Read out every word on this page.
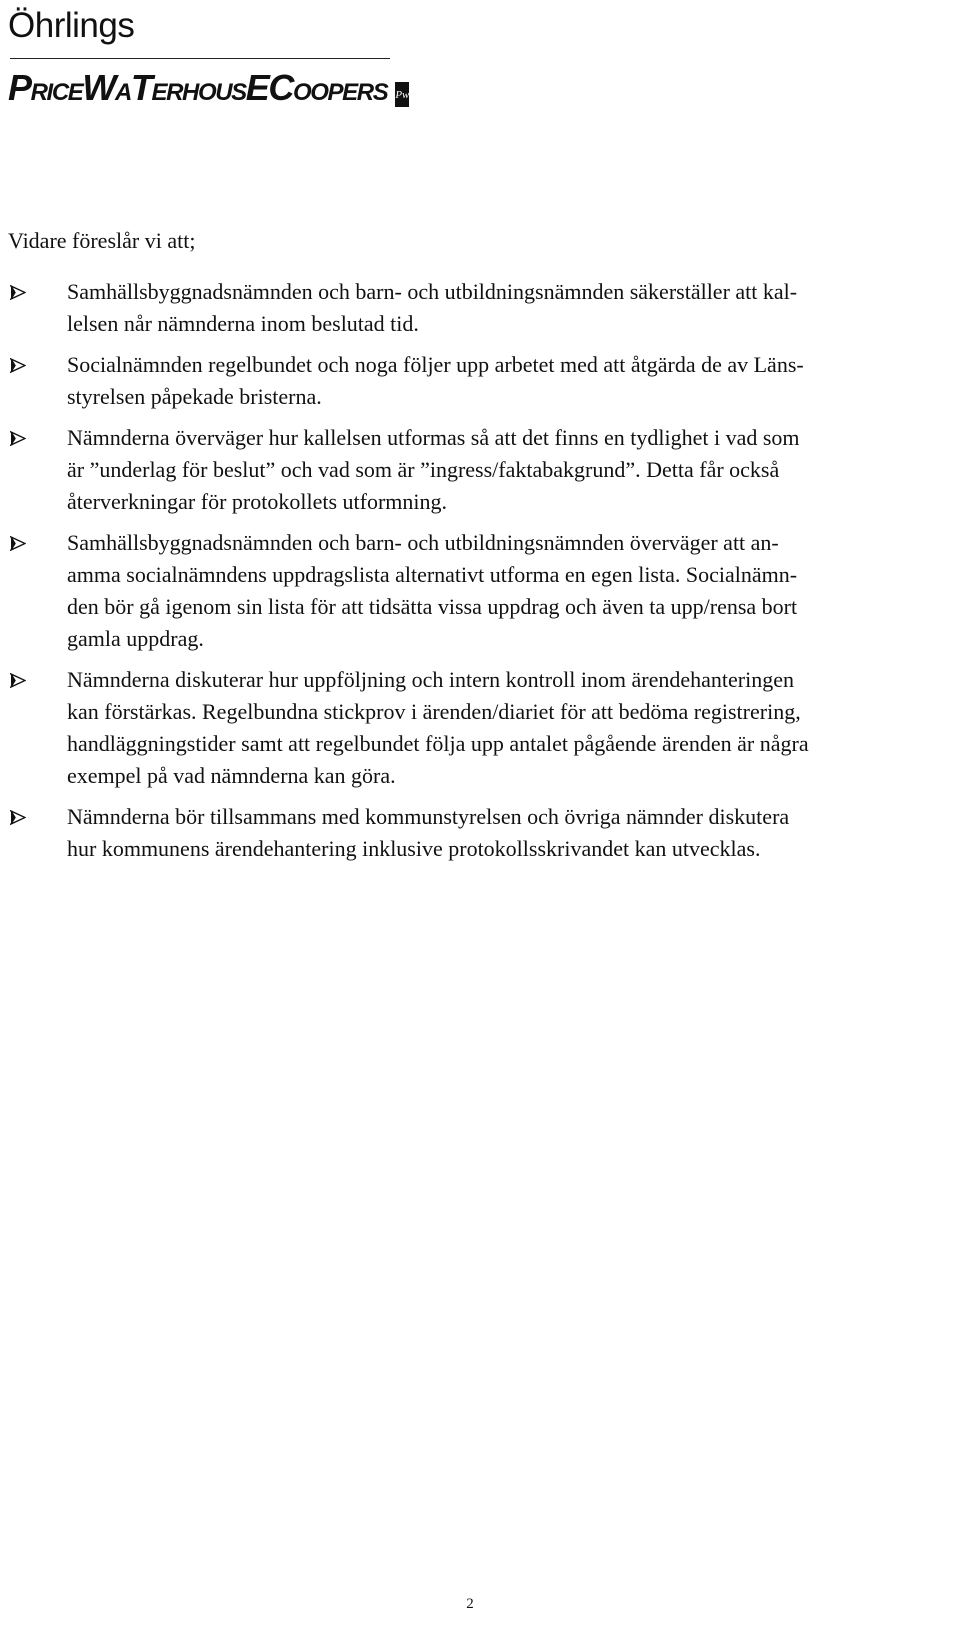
Öhrlings
PRICEWATERHOUSECOOPERS Pw

Vidare föreslår vi att;

Samhällsbyggnadsnämnden och barn- och utbildningsnämnden säkerställer att kal-
lelsen når nämnderna inom beslutad tid.
Socialnämnden regelbundet och noga följer upp arbetet med att åtgärda de av Läns-
styrelsen påpekade bristerna.
Nämnderna överväger hur kallelsen utformas så att det finns en tydlighet i vad som
är ”underlag för beslut” och vad som är ”ingress/faktabakgrund”. Detta får också
återverkningar för protokollets utformning.
Samhällsbyggnadsnämnden och barn- och utbildningsnämnden överväger att an-
amma socialnämndens uppdragslista alternativt utforma en egen lista. Socialnämn-
den bör gå igenom sin lista för att tidsätta vissa uppdrag och även ta upp/rensa bort
gamla uppdrag.
Nämnderna diskuterar hur uppföljning och intern kontroll inom ärendehanteringen
kan förstärkas. Regelbundna stickprov i ärenden/diariet för att bedöma registrering,
handläggningstider samt att regelbundet följa upp antalet pågående ärenden är några
exempel på vad nämnderna kan göra.
Nämnderna bör tillsammans med kommunstyrelsen och övriga nämnder diskutera
hur kommunens ärendehantering inklusive protokollsskrivandet kan utvecklas.
2
